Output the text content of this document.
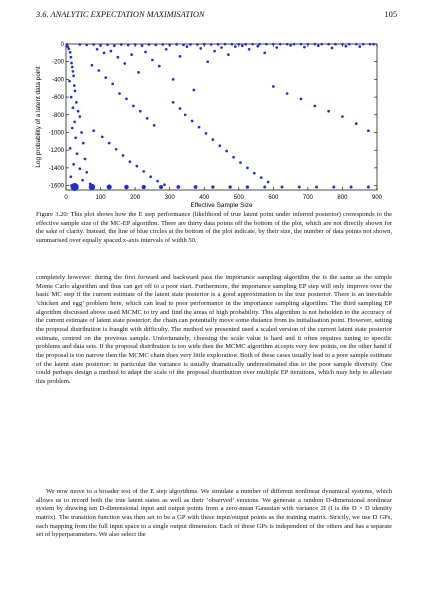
3.6. ANALYTIC EXPECTATION MAXIMISATION	105
0	100	200	300	400	500	600	700	800	900
0
-200
-400
-600
-800
-1000
-1200
-1400
-1600
Effective Sample Size
Log probability of a latent data point
Figure 3.20: This plot shows how the E step performance (likelihood of true latent point under inferred posterior) corresponds to the effective sample size of the MC-EP algorithm. There are thirty data points off the bottom of the plot, which are not directly shown for the sake of clarity. Instead, the line of blue circles at the bottom of the plot indicate, by their size, the number of data points not shown, summarised over equally spaced x-axis intervals of width 50.

completely however: during the first forward and backward pass the importance sampling algorithm the is the same as the simple Monte Carlo algorithm and thus can get off to a poor start. Furthermore, the importance sampling EP step will only improve over the basic MC step if the current estimate of the latent state posterior is a good approximation to the true posterior. There is an inevitable ‘chicken and egg’ problem here, which can lead to poor performance in the importance sampling algorithm. The third sampling EP algorithm discussed above used MCMC to try and find the areas of high probability. This algorithm is not beholden to the accuracy of the current estimate of latent state posterior: the chain can potentially move some distance from its initialisation point. However, setting the proposal distribution is fraught with difficulty. The method we presented used a scaled version of the current latent state posterior estimate, centred on the previous sample. Unfortunately, choosing the scale value is hard and it often requires tuning to specific problems and data sets. If the proposal distribution is too wide then the MCMC algorithm accepts very few points, on the other hand if the proposal is too narrow then the MCMC chain does very little exploration. Both of these cases usually lead to a poor sample estimate of the latent state posterior: in particular the variance is usually dramatically underestimated due to the poor sample diversity. One could perhaps design a method to adapt the scale of the proposal distribution over multiple EP iterations, which may help to alleviate this problem.

We now move to a broader test of the E step algorithms. We simulate a number of different nonlinear dynamical systems, which allows us to record both the true latent states as well as their ‘observed’ versions. We generate a random D-dimensional nonlinear system by drawing ten D-dimensional input and output points from a zero-mean Gaussian with variance 2I (I is the D × D identity matrix). The transition function was then set to be a GP with these input/output points as the training matrix. Strictly, we use D GPs, each mapping from the full input space to a single output dimension. Each of these GPs is independent of the others and has a separate set of hyperparameters. We also select the
